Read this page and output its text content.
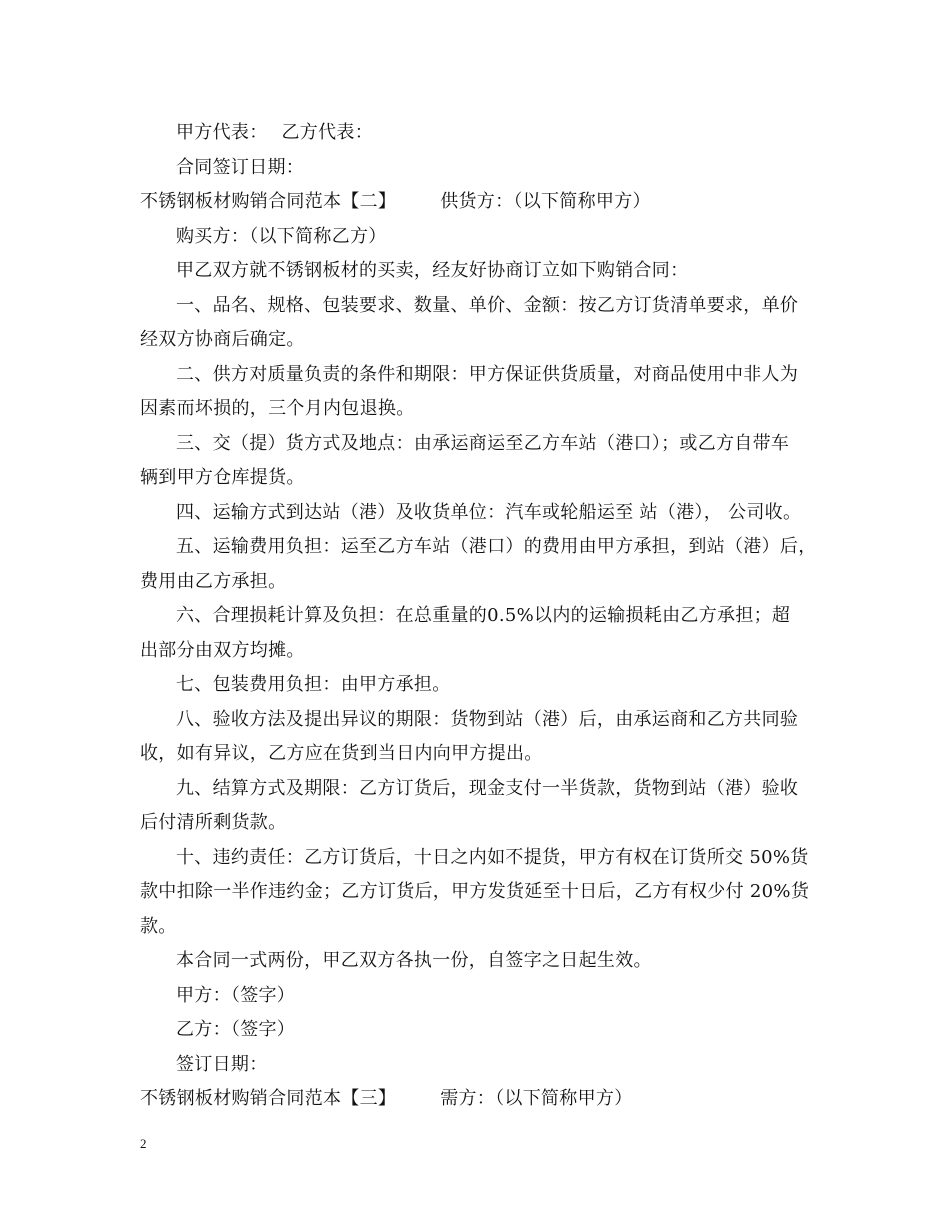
甲方代表： 乙方代表：
合同签订日期：
不锈钢板材购销合同范本【二】 供货方：（以下简称甲方）
购买方：（以下简称乙方）
甲乙双方就不锈钢板材的买卖，经友好协商订立如下购销合同：
一、品名、规格、包装要求、数量、单价、金额：按乙方订货清单要求，单价
经双方协商后确定。
二、供方对质量负责的条件和期限：甲方保证供货质量，对商品使用中非人为
因素而坏损的，三个月内包退换。
三、交（提）货方式及地点：由承运商运至乙方车站（港口）；或乙方自带车
辆到甲方仓库提货。
四、运输方式到达站（港）及收货单位：汽车或轮船运至 站（港）， 公司收。
五、运输费用负担：运至乙方车站（港口）的费用由甲方承担，到站（港）后，
费用由乙方承担。
六、合理损耗计算及负担：在总重量的0.5%以内的运输损耗由乙方承担；超
出部分由双方均摊。
七、包装费用负担：由甲方承担。
八、验收方法及提出异议的期限：货物到站（港）后，由承运商和乙方共同验
收，如有异议，乙方应在货到当日内向甲方提出。
九、结算方式及期限：乙方订货后，现金支付一半货款，货物到站（港）验收
后付清所剩货款。
十、违约责任：乙方订货后，十日之内如不提货，甲方有权在订货所交 50%货
款中扣除一半作违约金；乙方订货后，甲方发货延至十日后，乙方有权少付 20%货
款。
本合同一式两份，甲乙双方各执一份，自签字之日起生效。
甲方：（签字）
乙方：（签字）
签订日期：
不锈钢板材购销合同范本【三】 需方：（以下简称甲方）
2
